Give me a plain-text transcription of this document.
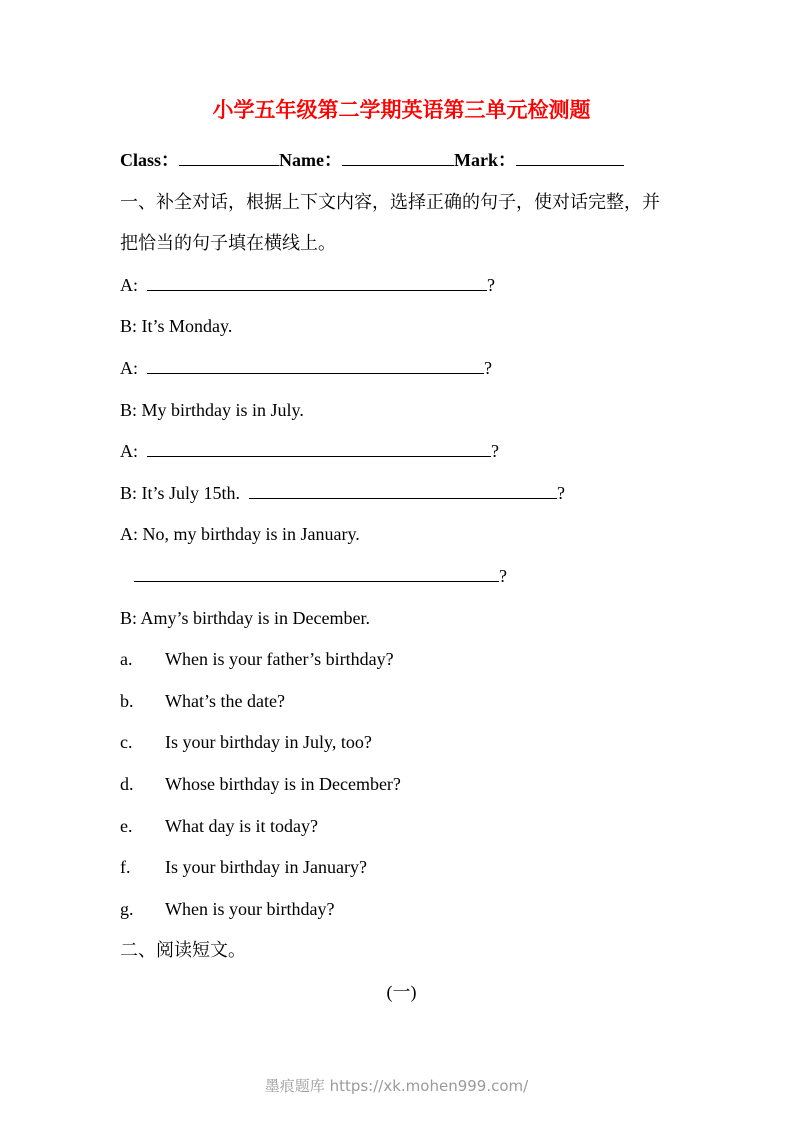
小学五年级第二学期英语第三单元检测题
Class：	Name：	Mark：
一、补全对话，根据上下文内容，选择正确的句子，使对话完整，并
把恰当的句子填在横线上。
A:	?
B: It’s Monday.
A:	?
B: My birthday is in July.
A:	?
B: It’s July 15th.	?
A: No, my birthday is in January.
?
B: Amy’s birthday is in December.
a. When is your father’s birthday?
b. What’s the date?
c. Is your birthday in July, too?
d. Whose birthday is in December?
e. What day is it today?
f. Is your birthday in January?
g. When is your birthday?
二、阅读短文。
(一)
墨痕题库 https://xk.mohen999.com/
